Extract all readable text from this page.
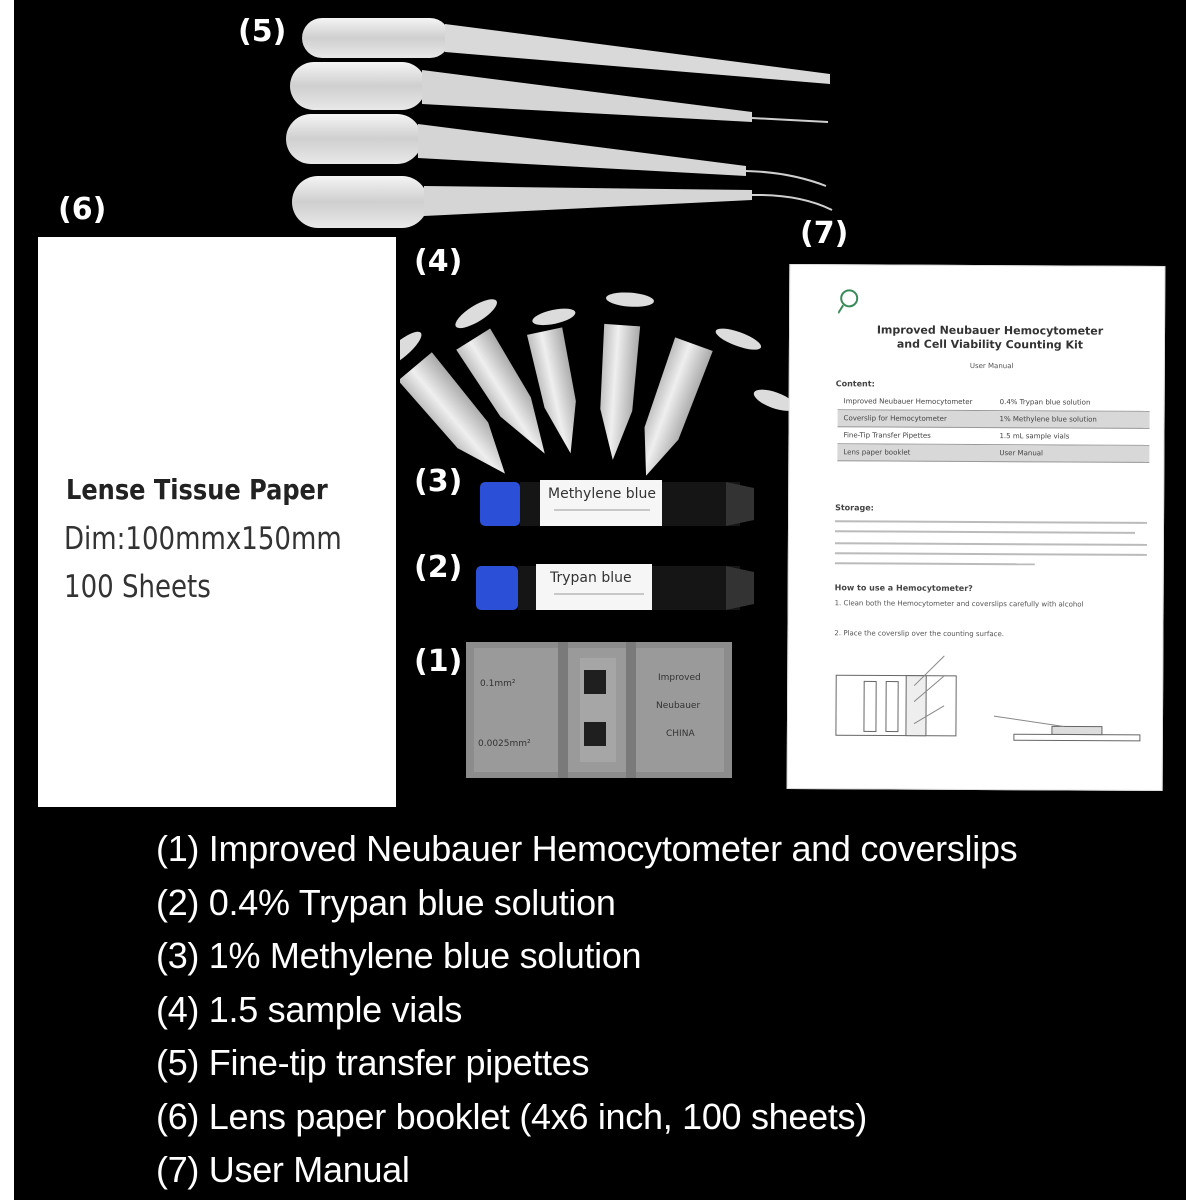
(5)
(6)
(7)
(4)
(3)
(2)
(1)
Lense Tissue Paper
Dim:100mmx150mm
100 Sheets
Methylene blue
Trypan blue
0.1mm²
0.0025mm²
Improved
Neubauer
CHINA
Improved Neubauer Hemocytometer
and Cell Viability Counting Kit
User Manual
Content:
Improved Neubauer Hemocytometer	0.4% Trypan blue solution
Coverslip for Hemocytometer	1% Methylene blue solution
Fine-Tip Transfer Pipettes	1.5 mL sample vials
Lens paper booklet	User Manual
Storage:
How to use a Hemocytometer?
1. Clean both the Hemocytometer and coverslips carefully with alcohol
2. Place the coverslip over the counting surface.
(1) Improved Neubauer Hemocytometer and coverslips
(2) 0.4% Trypan blue solution
(3) 1% Methylene blue solution
(4) 1.5 sample vials
(5) Fine-tip transfer pipettes
(6) Lens paper booklet (4x6 inch, 100 sheets)
(7) User Manual
